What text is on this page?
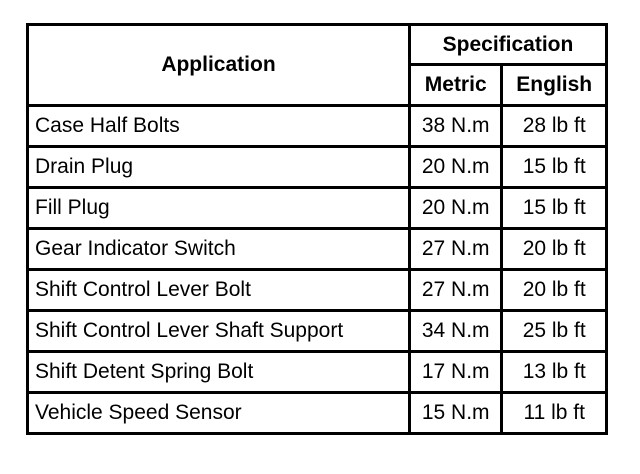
Application	Specification	
	Metric	English
Case Half Bolts	38 N.m	28 lb ft
Drain Plug	20 N.m	15 lb ft
Fill Plug	20 N.m	15 lb ft
Gear Indicator Switch	27 N.m	20 lb ft
Shift Control Lever Bolt	27 N.m	20 lb ft
Shift Control Lever Shaft Support	34 N.m	25 lb ft
Shift Detent Spring Bolt	17 N.m	13 lb ft
Vehicle Speed Sensor	15 N.m	11 lb ft
